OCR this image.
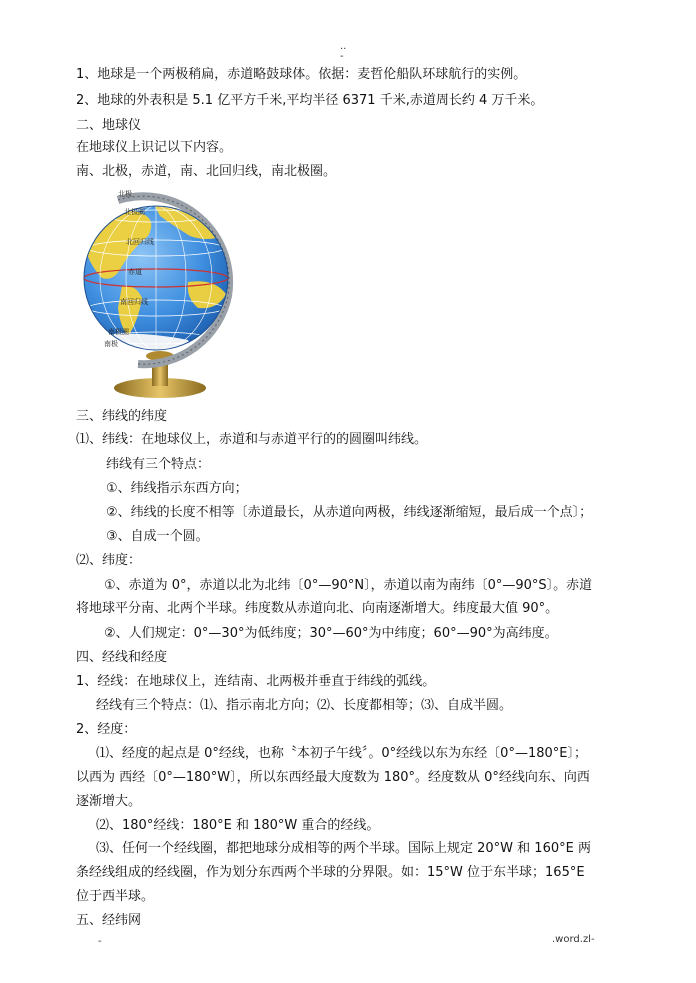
..
-
1、地球是一个两极稍扁，赤道略鼓球体。依据：麦哲伦船队环球航行的实例。
2、地球的外表积是 5.1 亿平方千米,平均半径 6371 千米,赤道周长约 4 万千米。
二、地球仪
在地球仪上识记以下内容。
南、北极，赤道，南、北回归线，南北极圈。
北极
北极圈
北回归线
赤道
南回归线
南极圈
南极
三、纬线的纬度
⑴、纬线：在地球仪上，赤道和与赤道平行的的圆圈叫纬线。
纬线有三个特点：
①、纬线指示东西方向；
②、纬线的长度不相等〔赤道最长，从赤道向两极，纬线逐渐缩短，最后成一个点〕；
③、自成一个圆。
⑵、纬度：
①、赤道为 0°，赤道以北为北纬〔0°—90°N〕，赤道以南为南纬〔0°—90°S〕。赤道
将地球平分南、北两个半球。纬度数从赤道向北、向南逐渐增大。纬度最大值 90°。
②、人们规定：0°—30°为低纬度；30°—60°为中纬度；60°—90°为高纬度。
四、经线和经度
1、经线：在地球仪上，连结南、北两极并垂直于纬线的弧线。
经线有三个特点：⑴、指示南北方向；⑵、长度都相等；⑶、自成半圆。
2、经度：
⑴、经度的起点是 0°经线，也称〝本初子午线〞。0°经线以东为东经〔0°—180°E〕；
以西为 西经〔0°—180°W〕，所以东西经最大度数为 180°。经度数从 0°经线向东、向西
逐渐增大。
⑵、180°经线：180°E 和 180°W 重合的经线。
⑶、任何一个经线圈，都把地球分成相等的两个半球。国际上规定 20°W 和 160°E 两
条经线组成的经线圈，作为划分东西两个半球的分界限。如：15°W 位于东半球；165°E
位于西半球。
五、经纬网
-	.word.zl-
